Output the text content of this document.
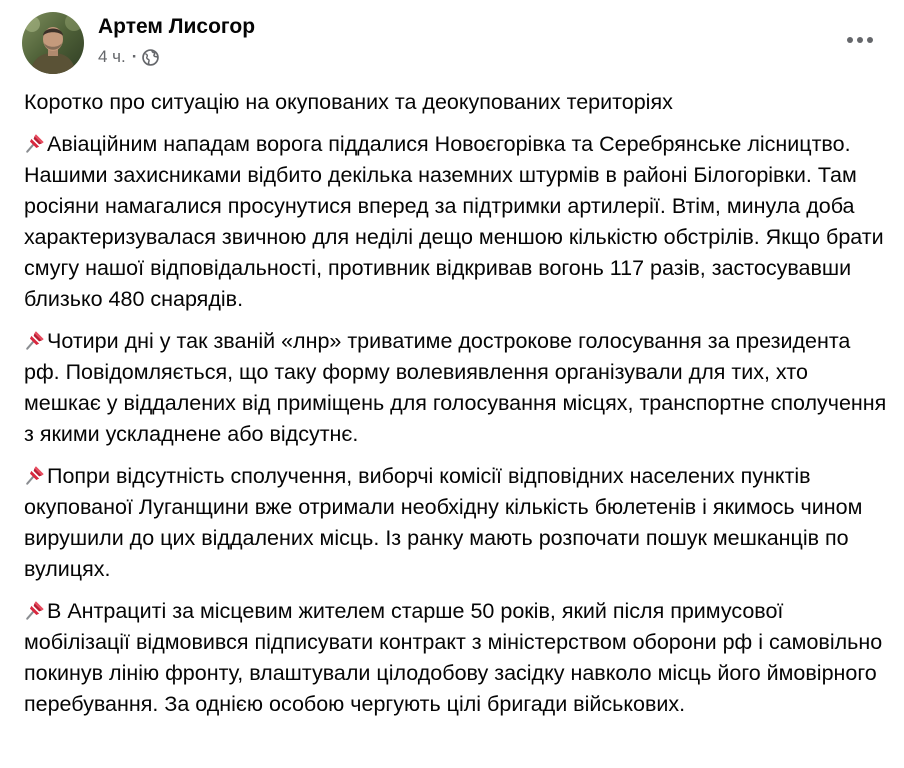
Артем Лисогор
4 ч. ·

Коротко про ситуацію на окупованих та деокупованих територіях

Авіаційним нападам ворога піддалися Новоєгорівка та Серебрянське лісництво. Нашими захисниками відбито декілька наземних штурмів в районі Білогорівки. Там росіяни намагалися просунутися вперед за підтримки артилерії. Втім, минула доба характеризувалася звичною для неділі дещо меншою кількістю обстрілів. Якщо брати смугу нашої відповідальності, противник відкривав вогонь 117 разів, застосувавши близько 480 снарядів.

Чотири дні у так званій «лнр» триватиме дострокове голосування за президента рф. Повідомляється, що таку форму волевиявлення організували для тих, хто мешкає у віддалених від приміщень для голосування місцях, транспортне сполучення з якими ускладнене або відсутнє.

Попри відсутність сполучення, виборчі комісії відповідних населених пунктів окупованої Луганщини вже отримали необхідну кількість бюлетенів і якимось чином вирушили до цих віддалених місць. Із ранку мають розпочати пошук мешканців по вулицях.

В Антрациті за місцевим жителем старше 50 років, який після примусової мобілізації відмовився підписувати контракт з міністерством оборони рф і самовільно покинув лінію фронту, влаштували цілодобову засідку навколо місць його ймовірного перебування. За однією особою чергують цілі бригади військових.
